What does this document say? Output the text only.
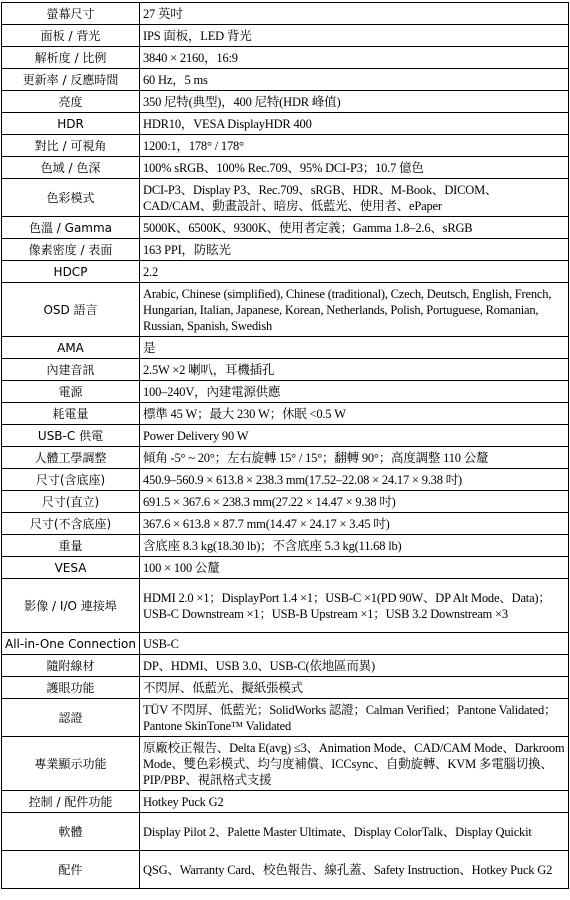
螢幕尺寸	27 英吋
面板 / 背光	IPS 面板，LED 背光
解析度 / 比例	3840 × 2160，16:9
更新率 / 反應時間	60 Hz，5 ms
亮度	350 尼特(典型)，400 尼特(HDR 峰值)
HDR	HDR10，VESA DisplayHDR 400
對比 / 可視角	1200:1，178° / 178°
色域 / 色深	100% sRGB、100% Rec.709、95% DCI-P3；10.7 億色
色彩模式	DCI-P3、Display P3、Rec.709、sRGB、HDR、M-Book、DICOM、CAD/CAM、動畫設計、暗房、低藍光、使用者、ePaper
色溫 / Gamma	5000K、6500K、9300K、使用者定義；Gamma 1.8–2.6、sRGB
像素密度 / 表面	163 PPI，防眩光
HDCP	2.2
OSD 語言	Arabic, Chinese (simplified), Chinese (traditional), Czech, Deutsch, English, French, Hungarian, Italian, Japanese, Korean, Netherlands, Polish, Portuguese, Romanian, Russian, Spanish, Swedish
AMA	是
內建音訊	2.5W ×2 喇叭，耳機插孔
電源	100–240V，內建電源供應
耗電量	標準 45 W；最大 230 W；休眠 <0.5 W
USB-C 供電	Power Delivery 90 W
人體工學調整	傾角 -5° ~ 20°；左右旋轉 15° / 15°；翻轉 90°；高度調整 110 公釐
尺寸(含底座)	450.9–560.9 × 613.8 × 238.3 mm(17.52–22.08 × 24.17 × 9.38 吋)
尺寸(直立)	691.5 × 367.6 × 238.3 mm(27.22 × 14.47 × 9.38 吋)
尺寸(不含底座)	367.6 × 613.8 × 87.7 mm(14.47 × 24.17 × 3.45 吋)
重量	含底座 8.3 kg(18.30 lb)；不含底座 5.3 kg(11.68 lb)
VESA	100 × 100 公釐
影像 / I/O 連接埠	HDMI 2.0 ×1；DisplayPort 1.4 ×1；USB-C ×1(PD 90W、DP Alt Mode、Data)；USB-C Downstream ×1；USB-B Upstream ×1；USB 3.2 Downstream ×3
All-in-One Connection	USB-C
隨附線材	DP、HDMI、USB 3.0、USB-C(依地區而異)
護眼功能	不閃屏、低藍光、擬紙張模式
認證	TÜV 不閃屏、低藍光；SolidWorks 認證；Calman Verified；Pantone Validated；Pantone SkinTone™ Validated
專業顯示功能	原廠校正報告、Delta E(avg) ≤3、Animation Mode、CAD/CAM Mode、Darkroom Mode、雙色彩模式、均勻度補償、ICCsync、自動旋轉、KVM 多電腦切換、PIP/PBP、視訊格式支援
控制 / 配件功能	Hotkey Puck G2
軟體	Display Pilot 2、Palette Master Ultimate、Display ColorTalk、Display Quickit
配件	QSG、Warranty Card、校色報告、線孔蓋、Safety Instruction、Hotkey Puck G2
